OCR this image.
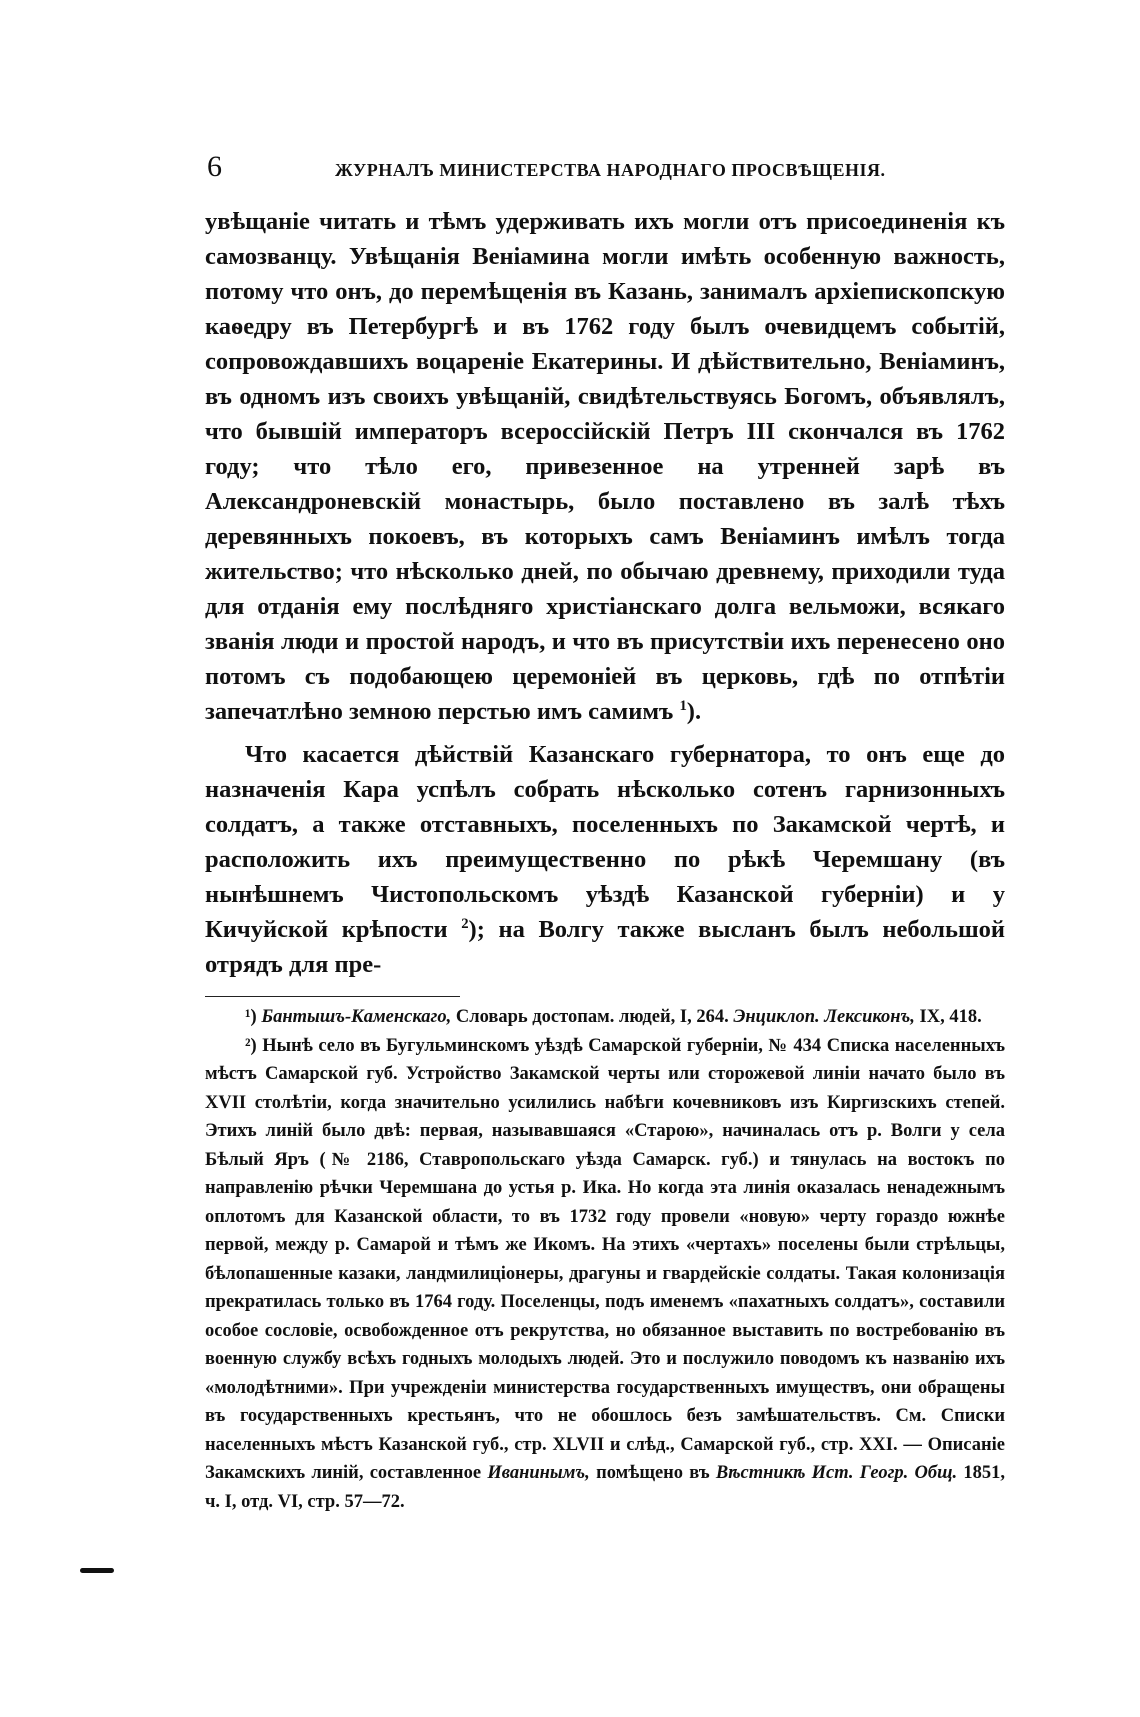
6	ЖУРНАЛЪ МИНИСТЕРСТВА НАРОДНАГО ПРОСВѢЩЕНІЯ.

увѣщаніе читать и тѣмъ удерживать ихъ могли отъ присоединенія къ самозванцу. Увѣщанія Веніамина могли имѣть особенную важность, потому что онъ, до перемѣщенія въ Казань, занималъ архіепископскую каѳедру въ Петербургѣ и въ 1762 году былъ очевидцемъ событій, сопровождавшихъ воцареніе Екатерины. И дѣйствительно, Веніаминъ, въ одномъ изъ своихъ увѣщаній, свидѣтельствуясь Богомъ, объявлялъ, что бывшій императоръ всероссійскій Петръ III скончался въ 1762 году; что тѣло его, привезенное на утренней зарѣ въ Александроневскій монастырь, было поставлено въ залѣ тѣхъ деревянныхъ покоевъ, въ которыхъ самъ Веніаминъ имѣлъ тогда жительство; что нѣсколько дней, по обычаю древнему, приходили туда для отданія ему послѣдняго христіанскаго долга вельможи, всякаго званія люди и простой народъ, и что въ присутствіи ихъ перенесено оно потомъ съ подобающею церемоніей въ церковь, гдѣ по отпѣтіи запечатлѣно земною перстью имъ самимъ $^1$).

Что касается дѣйствій Казанскаго губернатора, то онъ еще до назначенія Кара успѣлъ собрать нѣсколько сотенъ гарнизонныхъ солдатъ, а также отставныхъ, поселенныхъ по Закамской чертѣ, и расположить ихъ преимущественно по рѣкѣ Черемшану (въ нынѣшнемъ Чистопольскомъ уѣздѣ Казанской губерніи) и у Кичуйской крѣпости $^2$); на Волгу также высланъ былъ небольшой отрядъ для пре-

¹) Бантышъ-Каменскаго, Словарь достопам. людей, I, 264. Энциклоп. Лексиконъ, IX, 418.

²) Нынѣ село въ Бугульминскомъ уѣздѣ Самарской губерніи, № 434 Списка населенныхъ мѣстъ Самарской губ. Устройство Закамской черты или сторожевой линіи начато было въ XVII столѣтіи, когда значительно усилились набѣги кочевниковъ изъ Киргизскихъ степей. Этихъ линій было двѣ: первая, называвшаяся «Старою», начиналась отъ р. Волги у села Бѣлый Яръ (№ 2186, Ставропольскаго уѣзда Самарск. губ.) и тянулась на востокъ по направленію рѣчки Черемшана до устья р. Ика. Но когда эта линія оказалась ненадежнымъ оплотомъ для Казанской области, то въ 1732 году провели «новую» черту гораздо южнѣе первой, между р. Самарой и тѣмъ же Икомъ. На этихъ «чертахъ» поселены были стрѣльцы, бѣлопашенные казаки, ландмилиціонеры, драгуны и гвардейскіе солдаты. Такая колонизація прекратилась только въ 1764 году. Поселенцы, подъ именемъ «пахатныхъ солдатъ», составили особое сословіе, освобожденное отъ рекрутства, но обязанное выставить по востребованію въ военную службу всѣхъ годныхъ молодыхъ людей. Это и послужило поводомъ къ названію ихъ «молодѣтними». При учрежденіи министерства государственныхъ имуществъ, они обращены въ государственныхъ крестьянъ, что не обошлось безъ замѣшательствъ. См. Списки населенныхъ мѣстъ Казанской губ., стр. XLVII и слѣд., Самарской губ., стр. XXI. — Описаніе Закамскихъ линій, составленное Иванинымъ, помѣщено въ Вѣстникѣ Ист. Геогр. Общ. 1851, ч. I, отд. VI, стр. 57—72.
